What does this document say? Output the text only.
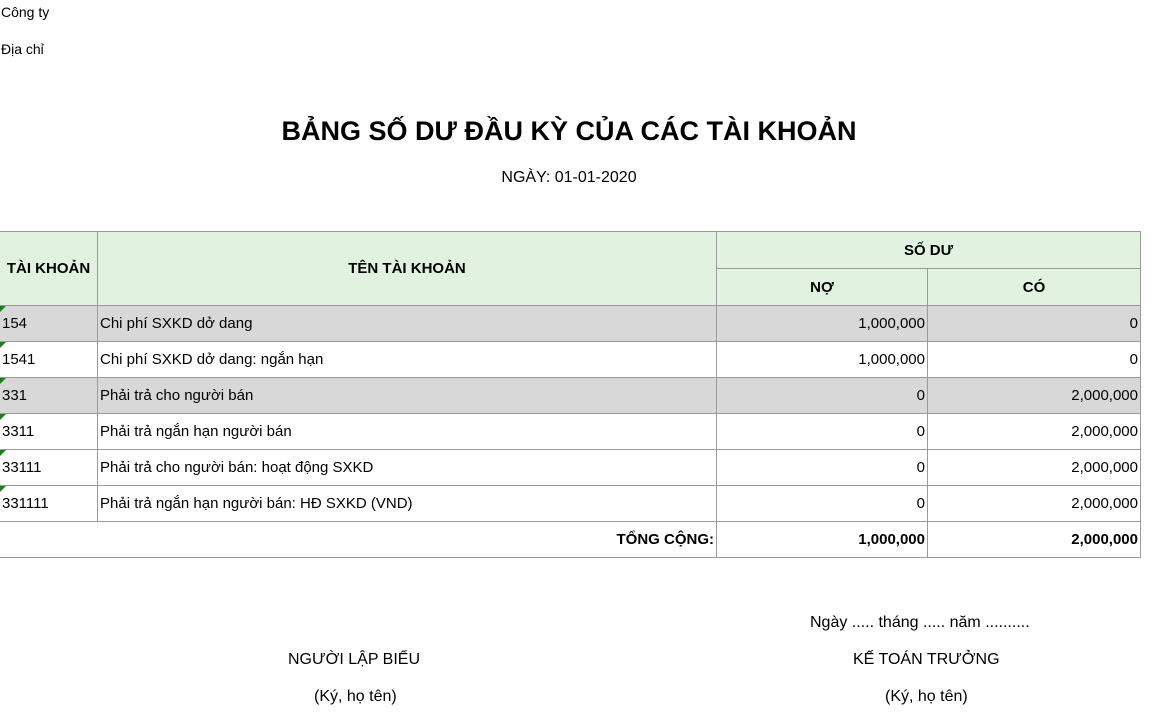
Công ty
Địa chỉ
BẢNG SỐ DƯ ĐẦU KỲ CỦA CÁC TÀI KHOẢN
NGÀY: 01-01-2020
TÀI KHOẢN	TÊN TÀI KHOẢN	SỐ DƯ	
		NỢ	CÓ

154	Chi phí SXKD dở dang	1,000,000	0

1541	Chi phí SXKD dở dang: ngắn hạn	1,000,000	0

331	Phải trả cho người bán	0	2,000,000

3311	Phải trả ngắn hạn người bán	0	2,000,000

33111	Phải trả cho người bán: hoạt động SXKD	0	2,000,000

331111	Phải trả ngắn hạn người bán: HĐ SXKD (VND)	0	2,000,000
	TỔNG CỘNG:	1,000,000	2,000,000
Ngày ..... tháng ..... năm ..........
NGƯỜI LẬP BIỂU
(Ký, họ tên)
KẾ TOÁN TRƯỞNG
(Ký, họ tên)
